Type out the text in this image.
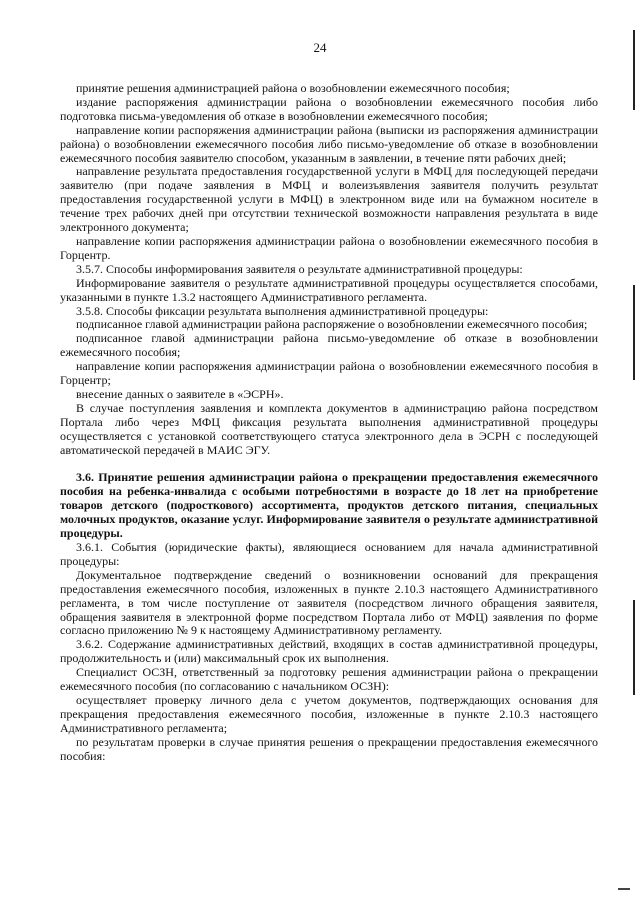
24

принятие решения администрацией района о возобновлении ежемесячного пособия;

издание распоряжения администрации района о возобновлении ежемесячного пособия либо подготовка письма-уведомления об отказе в возобновлении ежемесячного пособия;

направление копии распоряжения администрации района (выписки из распоряжения администрации района) о возобновлении ежемесячного пособия либо письмо-уведомление об отказе в возобновлении ежемесячного пособия заявителю способом, указанным в заявлении, в течение пяти рабочих дней;

направление результата предоставления государственной услуги в МФЦ для последующей передачи заявителю (при подаче заявления в МФЦ и волеизъявления заявителя получить результат предоставления государственной услуги в МФЦ) в электронном виде или на бумажном носителе в течение трех рабочих дней при отсутствии технической возможности направления результата в виде электронного документа;

направление копии распоряжения администрации района о возобновлении ежемесячного пособия в Горцентр.

3.5.7. Способы информирования заявителя о результате административной процедуры:

Информирование заявителя о результате административной процедуры осуществляется способами, указанными в пункте 1.3.2 настоящего Административного регламента.

3.5.8. Способы фиксации результата выполнения административной процедуры:

подписанное главой администрации района распоряжение о возобновлении ежемесячного пособия;

подписанное главой администрации района письмо-уведомление об отказе в возобновлении ежемесячного пособия;

направление копии распоряжения администрации района о возобновлении ежемесячного пособия в Горцентр;

внесение данных о заявителе в «ЭСРН».

В случае поступления заявления и комплекта документов в администрацию района посредством Портала либо через МФЦ фиксация результата выполнения административной процедуры осуществляется с установкой соответствующего статуса электронного дела в ЭСРН с последующей автоматической передачей в МАИС ЭГУ.

3.6. Принятие решения администрации района о прекращении предоставления ежемесячного пособия на ребенка-инвалида с особыми потребностями в возрасте до 18 лет на приобретение товаров детского (подросткового) ассортимента, продуктов детского питания, специальных молочных продуктов, оказание услуг. Информирование заявителя о результате административной процедуры.

3.6.1. События (юридические факты), являющиеся основанием для начала административной процедуры:

Документальное подтверждение сведений о возникновении оснований для прекращения предоставления ежемесячного пособия, изложенных в пункте 2.10.3 настоящего Административного регламента, в том числе поступление от заявителя (посредством личного обращения заявителя, обращения заявителя в электронной форме посредством Портала либо от МФЦ) заявления по форме согласно приложению № 9 к настоящему Административному регламенту.

3.6.2. Содержание административных действий, входящих в состав административной процедуры, продолжительность и (или) максимальный срок их выполнения.

Специалист ОСЗН, ответственный за подготовку решения администрации района о прекращении ежемесячного пособия (по согласованию с начальником ОСЗН):

осуществляет проверку личного дела с учетом документов, подтверждающих основания для прекращения предоставления ежемесячного пособия, изложенные в пункте 2.10.3 настоящего Административного регламента;

по результатам проверки в случае принятия решения о прекращении предоставления ежемесячного пособия:
